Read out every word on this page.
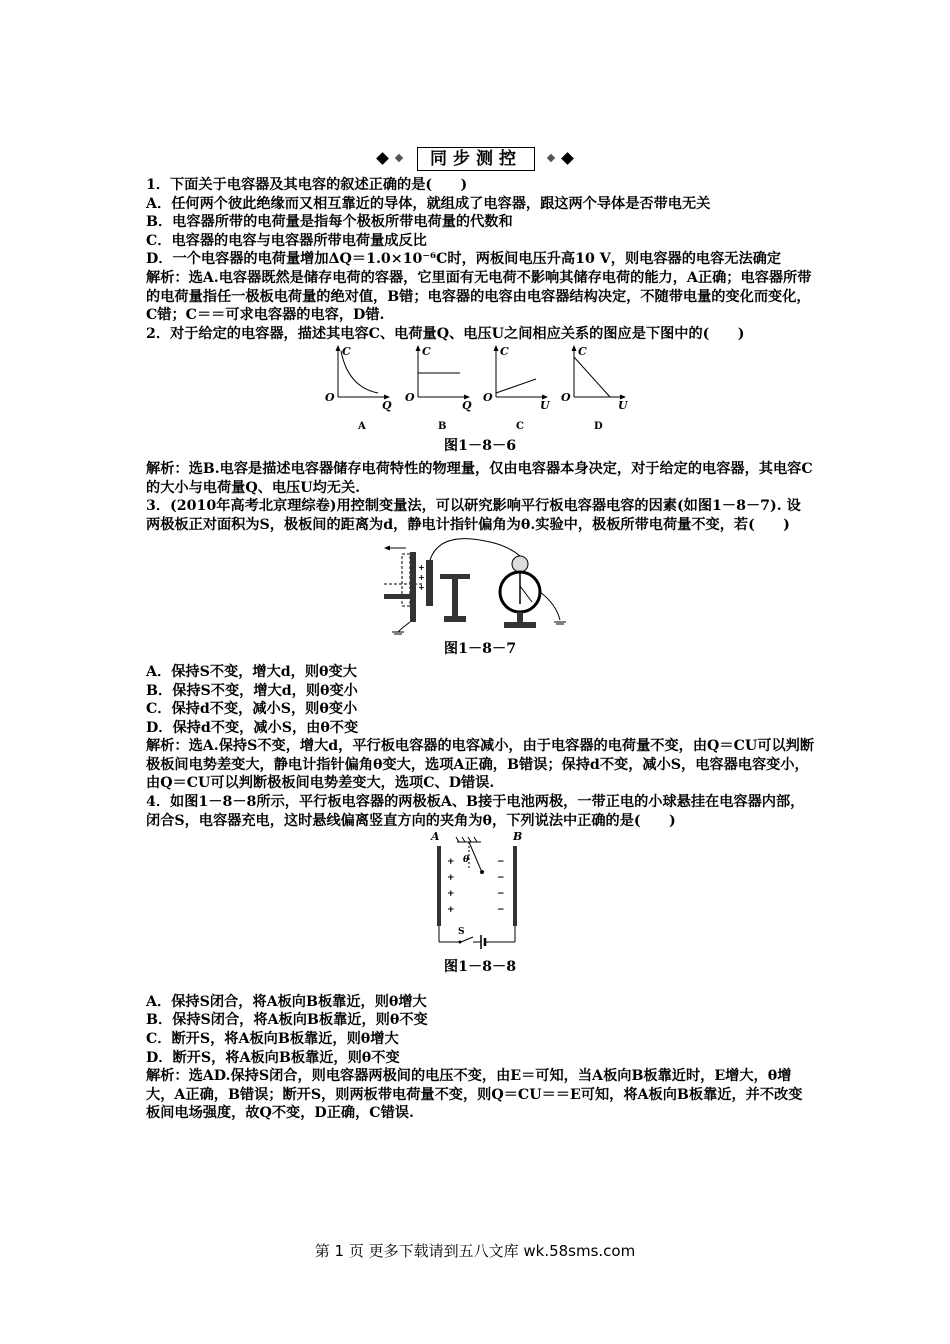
同步测控

1．下面关于电容器及其电容的叙述正确的是(　　)

A．任何两个彼此绝缘而又相互靠近的导体，就组成了电容器，跟这两个导体是否带电无关

B．电容器所带的电荷量是指每个极板所带电荷量的代数和

C．电容器的电容与电容器所带电荷量成反比

D．一个电容器的电荷量增加ΔQ＝1.0×10⁻⁶C时，两板间电压升高10 V，则电容器的电容无法确定

解析：选A.电容器既然是储存电荷的容器，它里面有无电荷不影响其储存电荷的能力，A正确；电容器所带的电荷量指任一极板电荷量的绝对值，B错；电容器的电容由电容器结构决定，不随带电量的变化而变化，C错；C＝＝可求电容器的电容，D错.

2．对于给定的电容器，描述其电容C、电荷量Q、电压U之间相应关系的图应是下图中的(　　)

C
Q
O
A
C
Q
O
B
C
U
O
C
C
U
O
D
图1－8－6

解析：选B.电容是描述电容器储存电荷特性的物理量，仅由电容器本身决定，对于给定的电容器，其电容C的大小与电荷量Q、电压U均无关.

3．(2010年高考北京理综卷)用控制变量法，可以研究影响平行板电容器电容的因素(如图1－8－7). 设两极板正对面积为S，极板间的距离为d，静电计指针偏角为θ.实验中，极板所带电荷量不变，若(　　)

+
+
+
图1－8－7

A．保持S不变，增大d，则θ变大

B．保持S不变，增大d，则θ变小

C．保持d不变，减小S，则θ变小

D．保持d不变，减小S，由θ不变

解析：选A.保持S不变，增大d，平行板电容器的电容减小，由于电容器的电荷量不变，由Q＝CU可以判断极板间电势差变大，静电计指针偏角θ变大，选项A正确，B错误；保持d不变，减小S，电容器电容变小，由Q＝CU可以判断极板间电势差变大，选项C、D错误.

4．如图1－8－8所示，平行板电容器的两极板A、B接于电池两极，一带正电的小球悬挂在电容器内部，闭合S，电容器充电，这时悬线偏离竖直方向的夹角为θ，下列说法中正确的是(　　)

A	B
θ
+
+
+
+
−
−
−
−
S
图1－8－8

A．保持S闭合，将A板向B板靠近，则θ增大

B．保持S闭合，将A板向B板靠近，则θ不变

C．断开S，将A板向B板靠近，则θ增大

D．断开S，将A板向B板靠近，则θ不变

解析：选AD.保持S闭合，则电容器两极间的电压不变，由E＝可知，当A板向B板靠近时，E增大，θ增大，A正确，B错误；断开S，则两板带电荷量不变，则Q＝CU＝＝E可知，将A板向B板靠近，并不改变板间电场强度，故Q不变，D正确，C错误.

第 1 页 更多下载请到五八文库 wk.58sms.com
